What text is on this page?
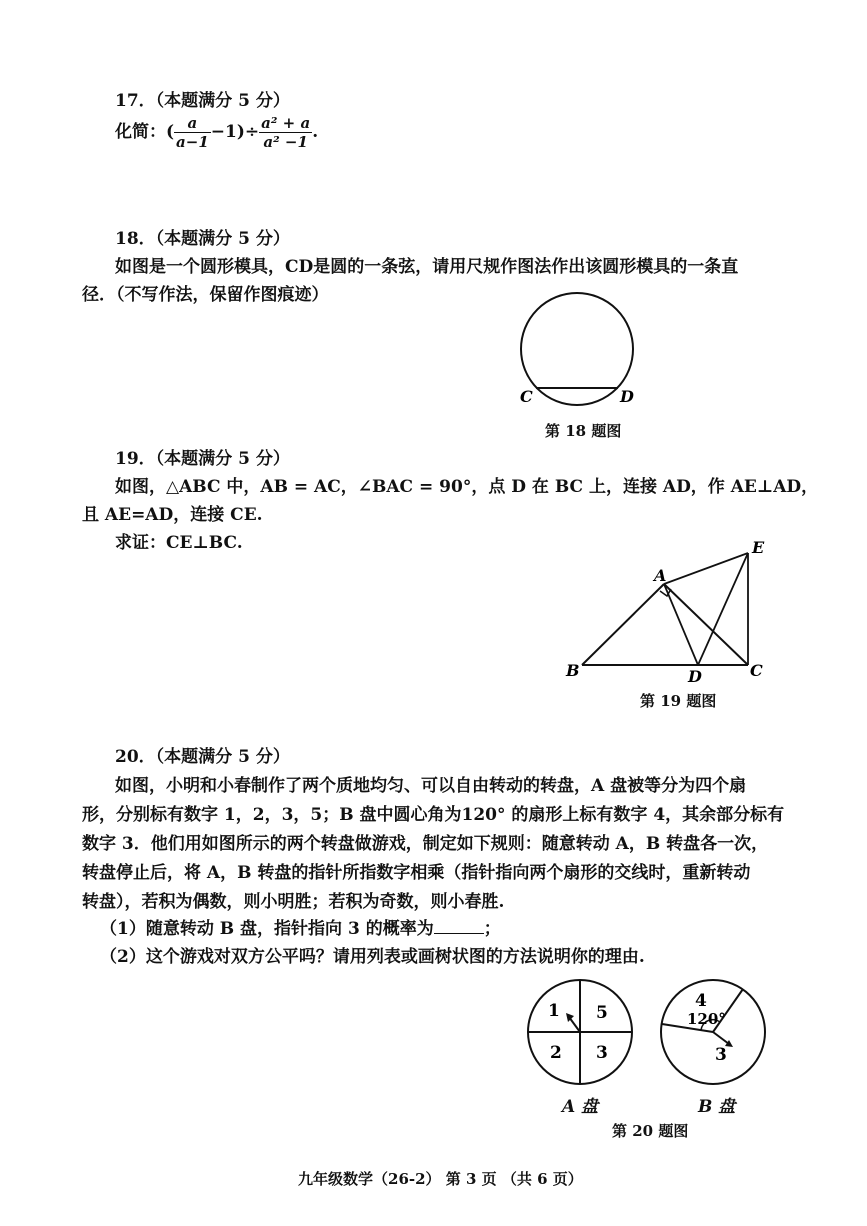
17．（本题满分 5 分）
化简：( $\frac{a}{a-1} -1)\div \frac{\text{a² + a}}{\text{a² −1}}$ .
18．（本题满分 5 分）
如图是一个圆形模具，CD是圆的一条弦，请用尺规作图法作出该圆形模具的一条直
径．（不写作法，保留作图痕迹）
C	D
第 18 题图
19．（本题满分 5 分）
如图，△ABC 中，AB = AC，∠BAC = 90°，点 D 在 BC 上，连接 AD，作 AE⊥AD，
且 AE=AD，连接 CE.
求证：CE⊥BC.
A
B	C
D
E
第 19 题图
20．（本题满分 5 分）
如图，小明和小春制作了两个质地均匀、可以自由转动的转盘，A 盘被等分为四个扇
形，分别标有数字 1，2，3，5；B 盘中圆心角为120° 的扇形上标有数字 4，其余部分标有
数字 3．他们用如图所示的两个转盘做游戏，制定如下规则：随意转动 A，B 转盘各一次，
转盘停止后，将 A，B 转盘的指针所指数字相乘（指针指向两个扇形的交线时，重新转动
转盘），若积为偶数，则小明胜；若积为奇数，则小春胜.
（1）随意转动 B 盘，指针指向 3 的概率为	；
（2）这个游戏对双方公平吗？请用列表或画树状图的方法说明你的理由.
1 5
2 3
4
120°
3
A 盘	B 盘
第 20 题图
九年级数学（26-2） 第 3 页 （共 6 页）
